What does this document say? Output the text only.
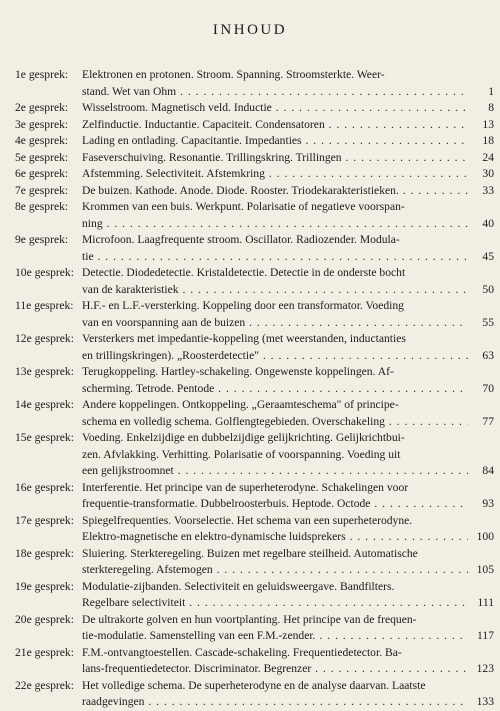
INHOUD
1e gesprek:	Elektronen en protonen. Stroom. Spanning. Stroomsterkte. Weer-
stand. Wet van Ohm . . .	1
2e gesprek:	Wisselstroom. Magnetisch veld. Inductie . . .	8
3e gesprek:	Zelfinductie. Inductantie. Capaciteit. Condensatoren . . .	13
4e gesprek:	Lading en ontlading. Capacitantie. Impedanties . . .	18
5e gesprek:	Faseverschuiving. Resonantie. Trillingskring. Trillingen . . .	24
6e gesprek:	Afstemming. Selectiviteit. Afstemkring . . .	30
7e gesprek:	De buizen. Kathode. Anode. Diode. Rooster. Triodekarakteristieken. . . .	33
8e gesprek:	Krommen van een buis. Werkpunt. Polarisatie of negatieve voorspan-
ning . . .	40
9e gesprek:	Microfoon. Laagfrequente stroom. Oscillator. Radiozender. Modula-
tie . . .	45
10e gesprek: Detectie. Diodedetectie. Kristaldetectie. Detectie in de onderste bocht
van de karakteristiek . . .	50
11e gesprek: H.F.- en L.F.-versterking. Koppeling door een transformator. Voeding
van en voorspanning aan de buizen . . .	55
12e gesprek: Versterkers met impedantie-koppeling (met weerstanden, inductanties
en trillingskringen). „Roosterdetectie" . . .	63
13e gesprek: Terugkoppeling. Hartley-schakeling. Ongewenste koppelingen. Af-
scherming. Tetrode. Pentode . . .	70
14e gesprek: Andere koppelingen. Ontkoppeling. „Geraamteschema" of principe-
schema en volledig schema. Golflengtegebieden. Overschakeling . . .	77
15e gesprek: Voeding. Enkelzijdige en dubbelzijdige gelijkrichting. Gelijkrichtbui-
zen. Afvlakking. Verhitting. Polarisatie of voorspanning. Voeding uit
een gelijkstroomnet . . .	84
16e gesprek: Interferentie. Het principe van de superheterodyne. Schakelingen voor
frequentie-transformatie. Dubbelroosterbuis. Heptode. Octode . . .	93
17e gesprek: Spiegelfrequenties. Voorselectie. Het schema van een superheterodyne.
Elektro-magnetische en elektro-dynamische luidsprekers . . .	100
18e gesprek: Sluiering. Sterkteregeling. Buizen met regelbare steilheid. Automatische
sterkteregeling. Afstemogen . . .	105
19e gesprek: Modulatie-zijbanden. Selectiviteit en geluidsweergave. Bandfilters.
Regelbare selectiviteit . . .	111
20e gesprek: De ultrakorte golven en hun voortplanting. Het principe van de frequen-
tie-modulatie. Samenstelling van een F.M.-zender. . . .	117
21e gesprek: F.M.-ontvangtoestellen. Cascade-schakeling. Frequentiedetector. Ba-
lans-frequentiedetector. Discriminator. Begrenzer . . .	123
22e gesprek: Het volledige schema. De superheterodyne en de analyse daarvan. Laatste
raadgevingen . . .	133
